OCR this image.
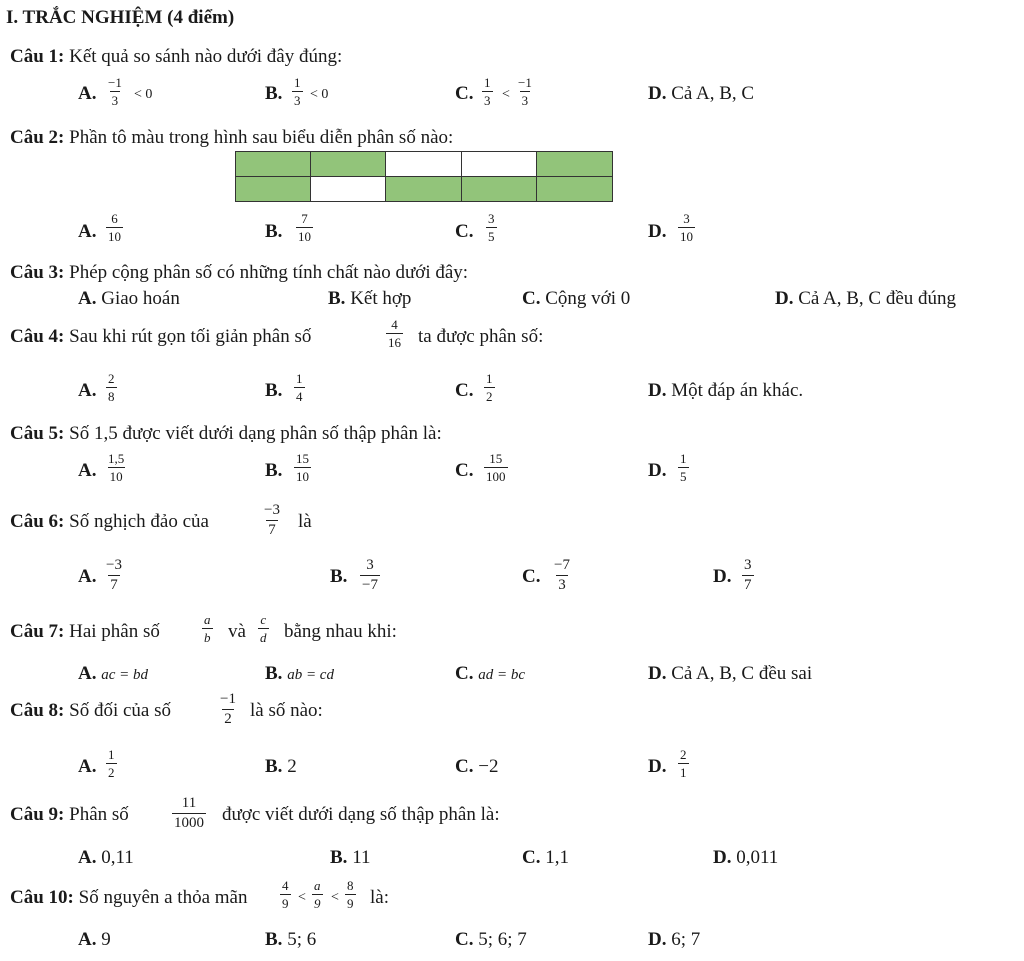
I. TRẮC NGHIỆM (4 điểm)
Câu 1: Kết quả so sánh nào dưới đây đúng:
A. $\frac{-1}{3} < 0$	B. $\frac{1}{3} < 0$	C. $\frac{1}{3} < \frac{-1}{3}$	D. Cả A, B, C
Câu 2: Phần tô màu trong hình sau biểu diễn phân số nào:
A. $\frac{6}{10}$	B. $\frac{7}{10}$	C. $\frac{3}{5}$	D. $\frac{3}{10}$
Câu 3: Phép cộng phân số có những tính chất nào dưới đây:
A. Giao hoán	B. Kết hợp	C. Cộng với 0	D. Cả A, B, C đều đúng
Câu 4: Sau khi rút gọn tối giản phân số	$\frac{4}{16}$ ta được phân số:
A. $\frac{2}{8}$	B. $\frac{1}{4}$	C. $\frac{1}{2}$	D. Một đáp án khác.
Câu 5: Số 1,5 được viết dưới dạng phân số thập phân là:
A. $\frac{1,5}{10}$	B. $\frac{15}{10}$	C. $\frac{15}{100}$	D. $\frac{1}{5}$
Câu 6: Số nghịch đảo của	$\frac{-3}{7}$ là
A. $\frac{-3}{7}$	B. $\frac{3}{-7}$	C. $\frac{-7}{3}$	D. $\frac{3}{7}$
Câu 7: Hai phân số	$\frac{a}{b}$ và $\frac{c}{d}$ bằng nhau khi:
A. ac = bd	B. ab = cd	C. ad = bc	D. Cả A, B, C đều sai
Câu 8: Số đối của số	$\frac{-1}{2}$ là số nào:
A. $\frac{1}{2}$	B. 2	C. −2	D. $\frac{2}{1}$
Câu 9: Phân số	$\frac{11}{1000}$ được viết dưới dạng số thập phân là:
A. 0,11	B. 11	C. 1,1	D. 0,011
Câu 10: Số nguyên a thỏa mãn	$\frac{4}{9} < \frac{a}{9} < \frac{8}{9}$ là:
A. 9	B. 5; 6	C. 5; 6; 7	D. 6; 7
